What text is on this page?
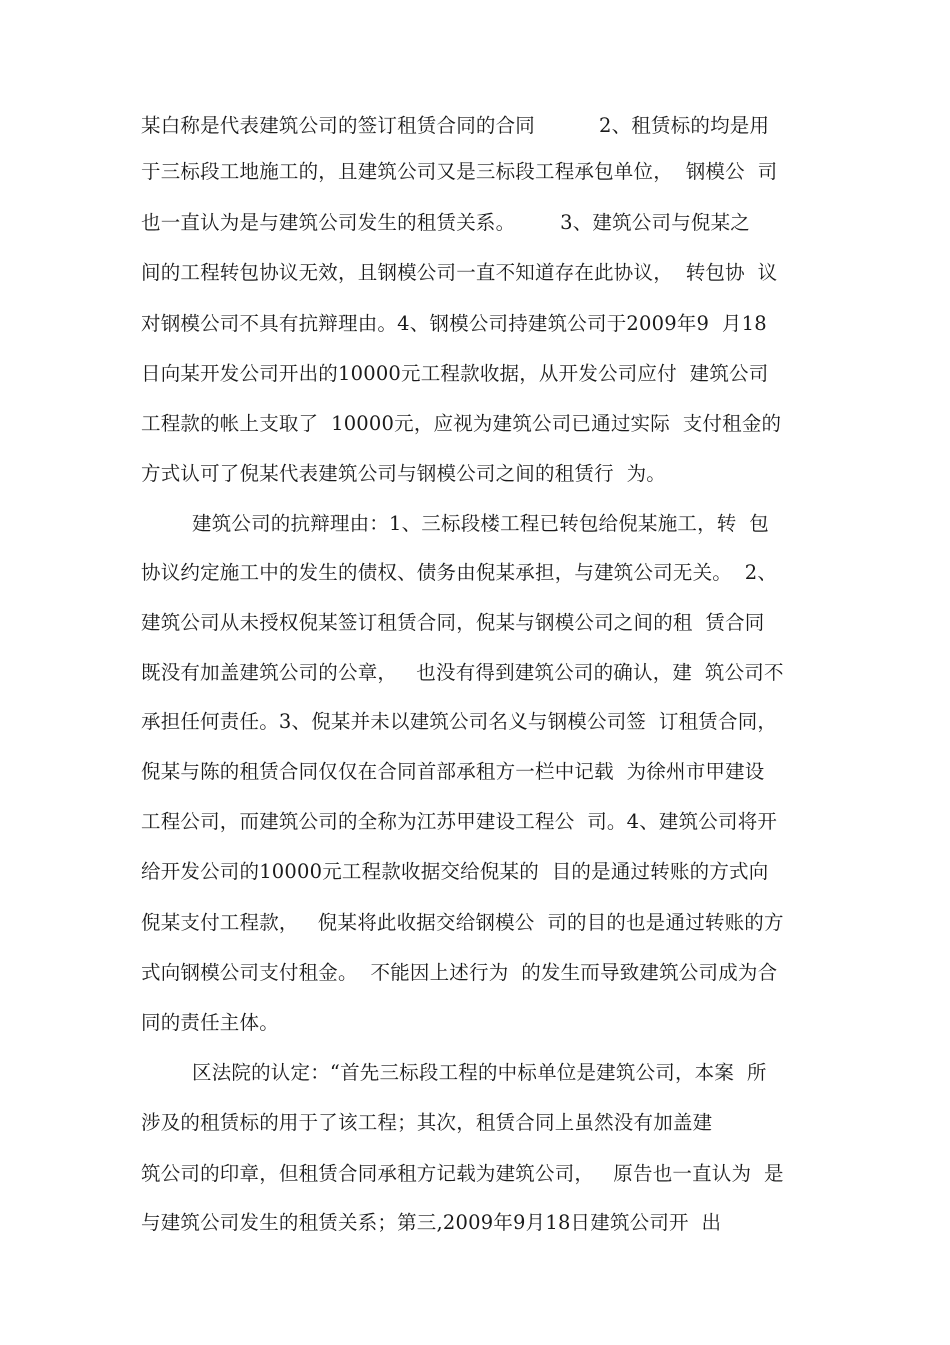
某白称是代表建筑公司的签订租赁合同的合同          2、租赁标的均是用
于三标段工地施工的，且建筑公司又是三标段工程承包单位，  钢模公  司
也一直认为是与建筑公司发生的租赁关系。       3、建筑公司与倪某之
间的工程转包协议无效，且钢模公司一直不知道存在此协议，  转包协  议
对钢模公司不具有抗辩理由。4、钢模公司持建筑公司于2009年9  月18
日向某开发公司开出的10000元工程款收据，从开发公司应付  建筑公司
工程款的帐上支取了  10000元，应视为建筑公司已通过实际  支付租金的
方式认可了倪某代表建筑公司与钢模公司之间的租赁行  为。
建筑公司的抗辩理由：1、三标段楼工程已转包给倪某施工，转  包
协议约定施工中的发生的债权、债务由倪某承担，与建筑公司无关。  2、
建筑公司从未授权倪某签订租赁合同，倪某与钢模公司之间的租  赁合同
既没有加盖建筑公司的公章，   也没有得到建筑公司的确认，建  筑公司不
承担任何责任。3、倪某并未以建筑公司名义与钢模公司签  订租赁合同，
倪某与陈的租赁合同仅仅在合同首部承租方一栏中记载  为徐州市甲建设
工程公司，而建筑公司的全称为江苏甲建设工程公  司。4、建筑公司将开
给开发公司的10000元工程款收据交给倪某的  目的是通过转账的方式向
倪某支付工程款，   倪某将此收据交给钢模公  司的目的也是通过转账的方
式向钢模公司支付租金。  不能因上述行为  的发生而导致建筑公司成为合
同的责任主体。
区法院的认定：“首先三标段工程的中标单位是建筑公司，本案  所
涉及的租赁标的用于了该工程；其次，租赁合同上虽然没有加盖建
筑公司的印章，但租赁合同承租方记载为建筑公司，   原告也一直认为  是
与建筑公司发生的租赁关系；第三,2009年9月18日建筑公司开  出
